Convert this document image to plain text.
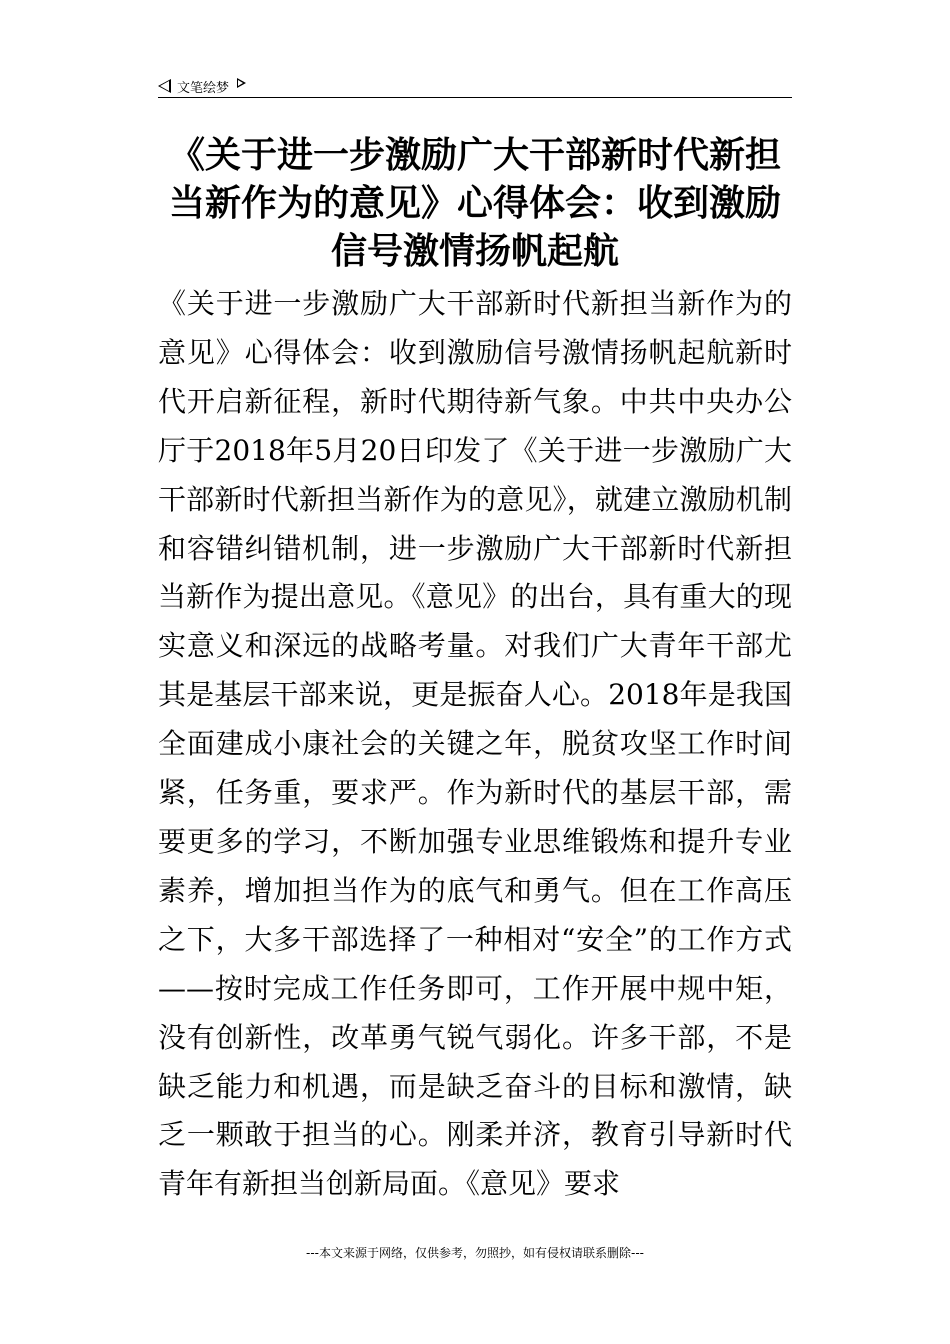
文笔绘梦
《关于进一步激励广大干部新时代新担当新作为的意见》心得体会：收到激励信号激情扬帆起航

《关于进一步激励广大干部新时代新担当新作为的意见》心得体会：收到激励信号激情扬帆起航新时代开启新征程，新时代期待新气象。中共中央办公厅于2018年5月20日印发了《关于进一步激励广大干部新时代新担当新作为的意见》，就建立激励机制和容错纠错机制，进一步激励广大干部新时代新担当新作为提出意见。《意见》的出台，具有重大的现实意义和深远的战略考量。对我们广大青年干部尤其是基层干部来说，更是振奋人心。2018年是我国全面建成小康社会的关键之年，脱贫攻坚工作时间紧，任务重，要求严。作为新时代的基层干部，需要更多的学习，不断加强专业思维锻炼和提升专业素养，增加担当作为的底气和勇气。但在工作高压之下，大多干部选择了一种相对“安全”的工作方式——按时完成工作任务即可，工作开展中规中矩，没有创新性，改革勇气锐气弱化。许多干部，不是缺乏能力和机遇，而是缺乏奋斗的目标和激情，缺乏一颗敢于担当的心。刚柔并济，教育引导新时代青年有新担当创新局面。《意见》要求

---本文来源于网络，仅供参考，勿照抄，如有侵权请联系删除---
